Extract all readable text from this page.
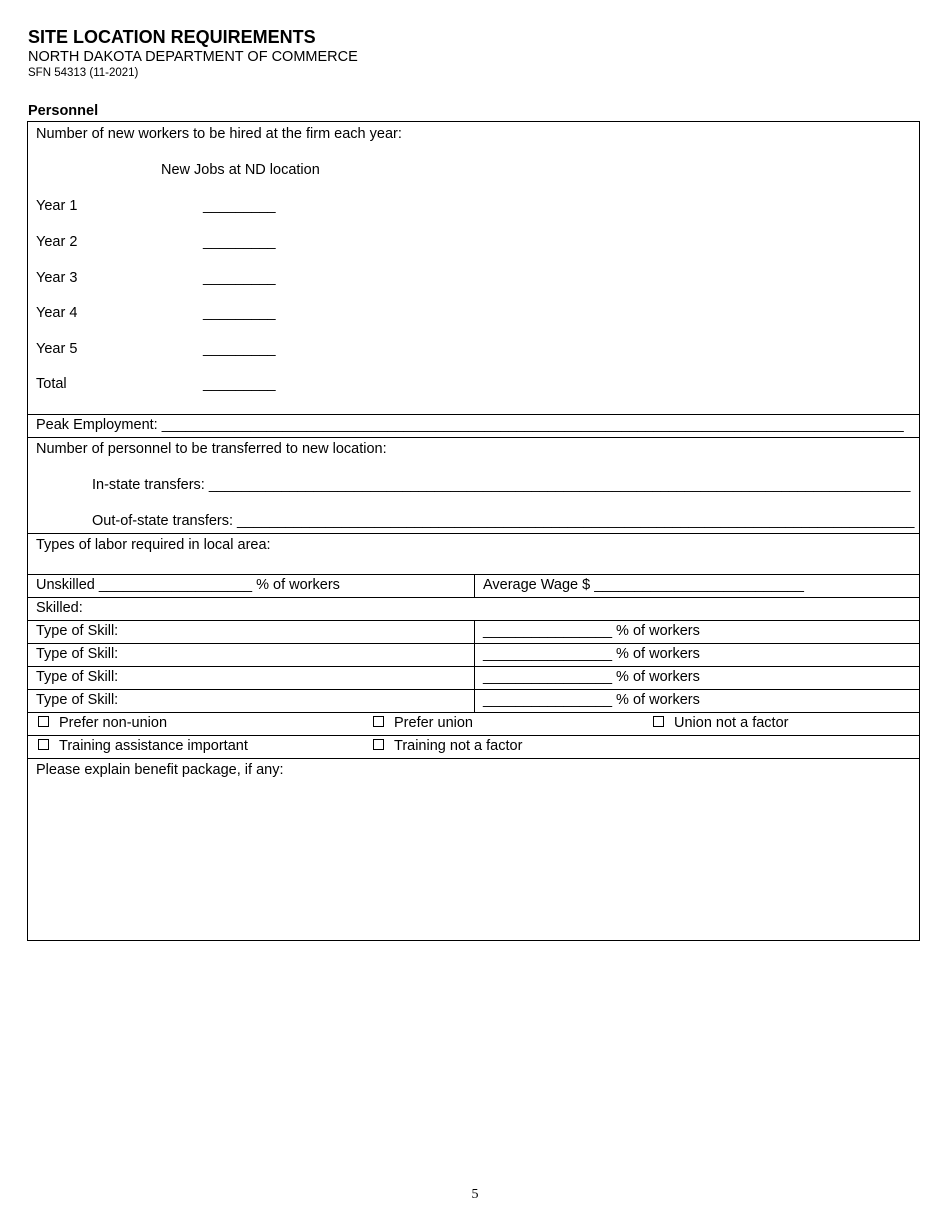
SITE LOCATION REQUIREMENTS
NORTH DAKOTA DEPARTMENT OF COMMERCE
SFN 54313 (11-2021)
Personnel
Number of new workers to be hired at the firm each year:
New Jobs at ND location
Year 1	_________
Year 2	_________
Year 3	_________
Year 4	_________
Year 5	_________
Total	_________
Peak Employment: ____________________________________________________________________________________________
Number of personnel to be transferred to new location:
In-state transfers: _______________________________________________________________________________________
Out-of-state transfers: ____________________________________________________________________________________
Types of labor required in local area:
Unskilled ___________________ % of workers	Average Wage $ __________________________
Skilled:
Type of Skill:	________________ % of workers
Type of Skill:	________________ % of workers
Type of Skill:	________________ % of workers
Type of Skill:	________________ % of workers
Prefer non-union	Prefer union	Union not a factor
Training assistance important	Training not a factor
Please explain benefit package, if any:
5
